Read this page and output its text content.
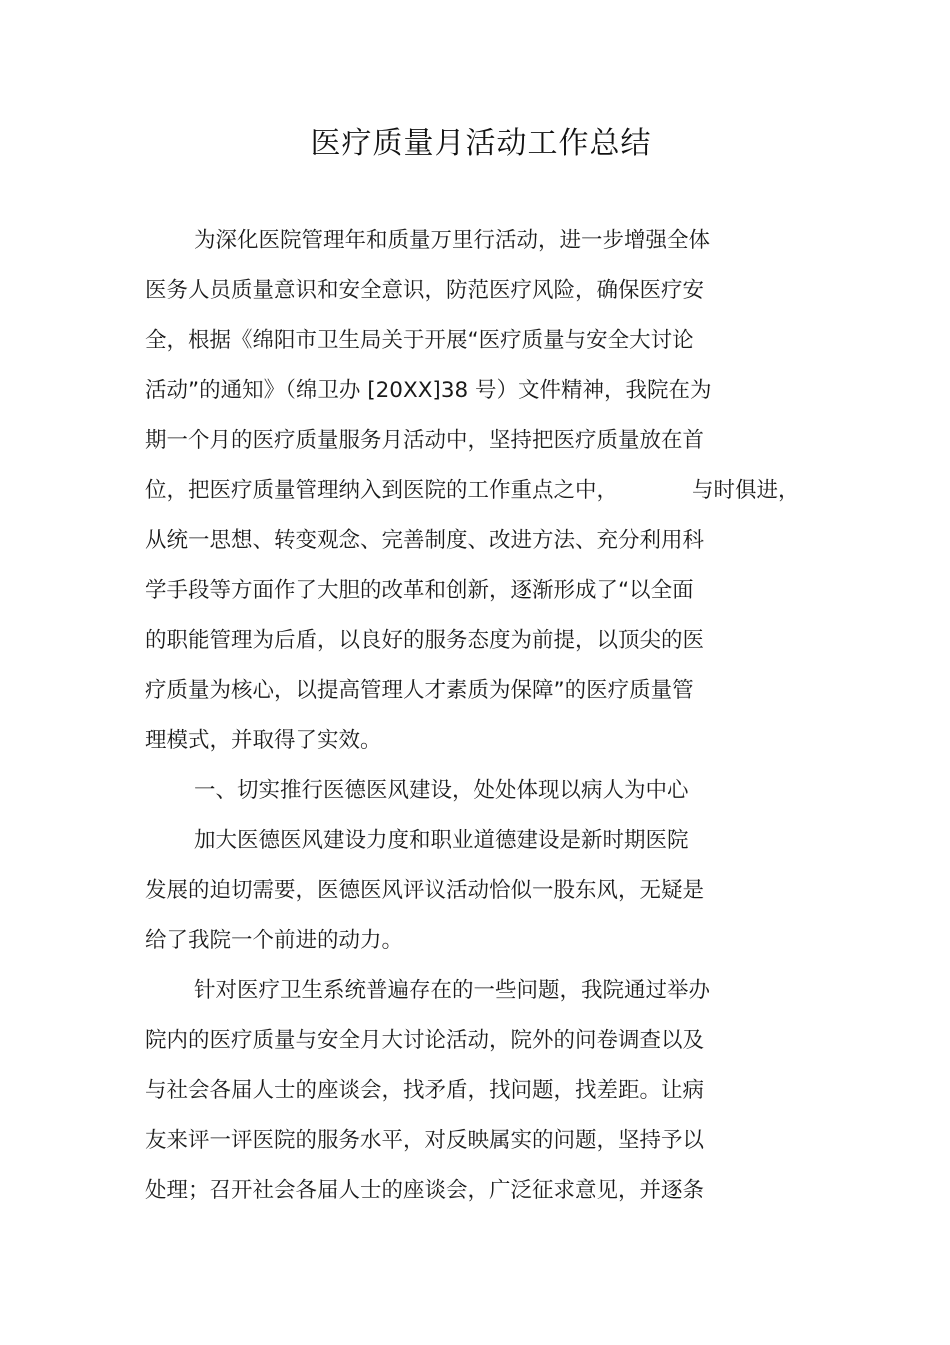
医疗质量月活动工作总结
为深化医院管理年和质量万里行活动，进一步增强全体
医务人员质量意识和安全意识，防范医疗风险，确保医疗安
全，根据《绵阳市卫生局关于开展“医疗质量与安全大讨论
活动”的通知》（绵卫办 [20XX]38 号）文件精神，我院在为
期一个月的医疗质量服务月活动中，坚持把医疗质量放在首
位，把医疗质量管理纳入到医院的工作重点之中，	与时俱进，
从统一思想、转变观念、完善制度、改进方法、充分利用科
学手段等方面作了大胆的改革和创新，逐渐形成了“以全面
的职能管理为后盾，以良好的服务态度为前提，以顶尖的医
疗质量为核心，以提高管理人才素质为保障”的医疗质量管
理模式，并取得了实效。
一、切实推行医德医风建设，处处体现以病人为中心
加大医德医风建设力度和职业道德建设是新时期医院
发展的迫切需要，医德医风评议活动恰似一股东风，无疑是
给了我院一个前进的动力。
针对医疗卫生系统普遍存在的一些问题，我院通过举办
院内的医疗质量与安全月大讨论活动，院外的问卷调查以及
与社会各届人士的座谈会，找矛盾，找问题，找差距。让病
友来评一评医院的服务水平，对反映属实的问题，坚持予以
处理；召开社会各届人士的座谈会，广泛征求意见，并逐条
